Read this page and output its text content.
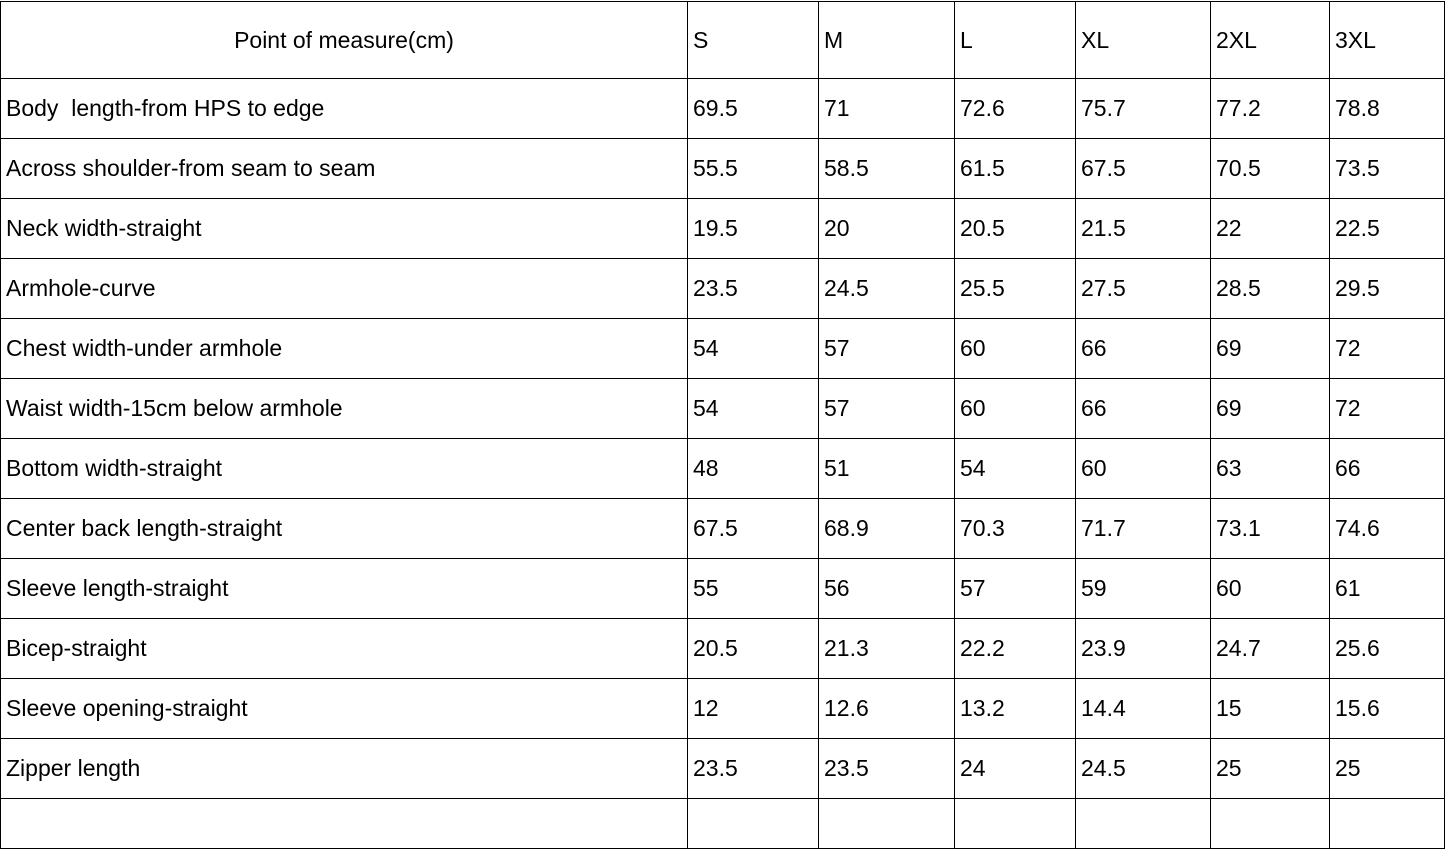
Point of measure(cm)	S	M	L	XL	2XL	3XL
Body  length-from HPS to edge	69.5	71	72.6	75.7	77.2	78.8
Across shoulder-from seam to seam	55.5	58.5	61.5	67.5	70.5	73.5
Neck width-straight	19.5	20	20.5	21.5	22	22.5
Armhole-curve	23.5	24.5	25.5	27.5	28.5	29.5
Chest width-under armhole	54	57	60	66	69	72
Waist width-15cm below armhole	54	57	60	66	69	72
Bottom width-straight	48	51	54	60	63	66
Center back length-straight	67.5	68.9	70.3	71.7	73.1	74.6
Sleeve length-straight	55	56	57	59	60	61
Bicep-straight	20.5	21.3	22.2	23.9	24.7	25.6
Sleeve opening-straight	12	12.6	13.2	14.4	15	15.6
Zipper length	23.5	23.5	24	24.5	25	25
